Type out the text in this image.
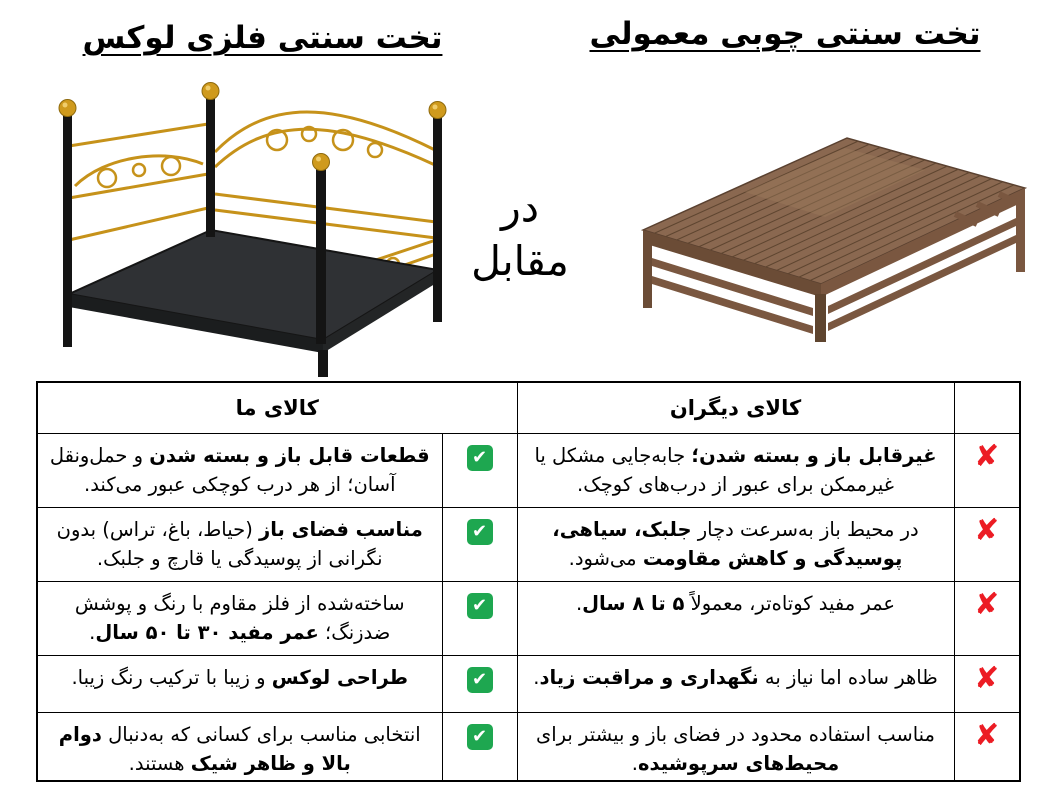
تخت سنتی چوبی معمولی
تخت سنتی فلزی لوکس
در
مقابل
	کالای دیگران	کالای ما	
✘	غیرقابل باز و بسته شدن؛ جابه‌جایی مشکل یا غیرممکن برای عبور از درب‌های کوچک.	✔	قطعات قابل باز و بسته شدن و حمل‌ونقل آسان؛ از هر درب کوچکی عبور می‌کند.
✘	در محیط باز به‌سرعت دچار جلبک، سیاهی، پوسیدگی و کاهش مقاومت می‌شود.	✔	مناسب فضای باز (حیاط، باغ، تراس) بدون نگرانی از پوسیدگی یا قارچ و جلبک.
✘	عمر مفید کوتاه‌تر، معمولاً ۵ تا ۸ سال.	✔	ساخته‌شده از فلز مقاوم با رنگ و پوشش ضدزنگ؛ عمر مفید ۳۰ تا ۵۰ سال.
✘	ظاهر ساده اما نیاز به نگهداری و مراقبت زیاد.	✔	طراحی لوکس و زیبا با ترکیب رنگ زیبا.
✘	مناسب استفاده محدود در فضای باز و بیشتر برای محیط‌های سرپوشیده.	✔	انتخابی مناسب برای کسانی که به‌دنبال دوام بالا و ظاهر شیک هستند.
